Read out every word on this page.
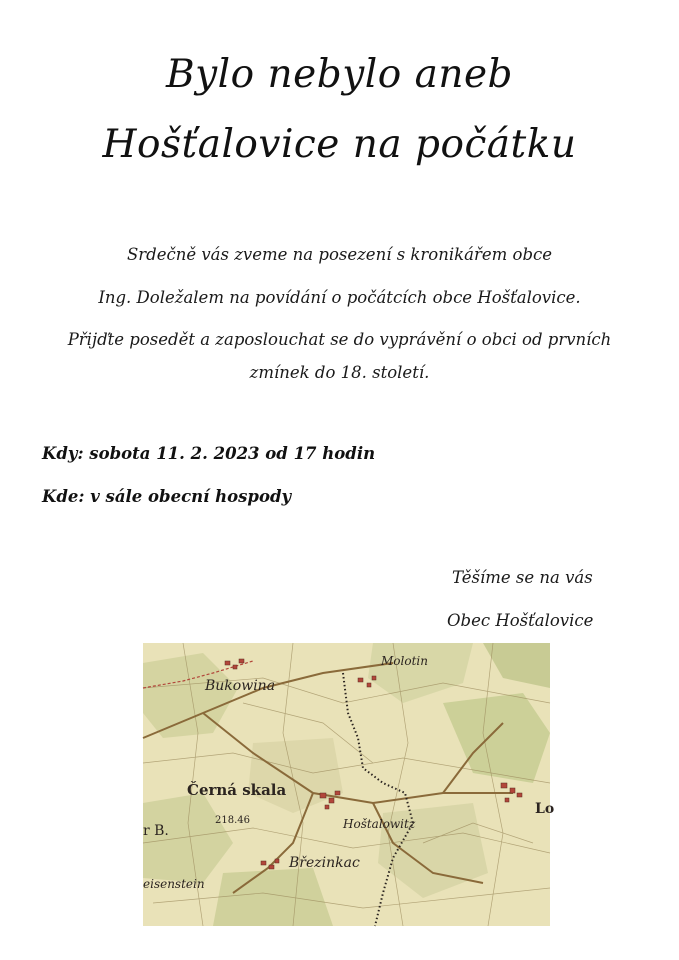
Bylo nebylo aneb
Hošťalovice na počátku
Srdečně vás zveme na posezení s kronikářem obce
Ing. Doležalem na povídání o počátcích obce Hošťalovice.
Přijďte posedět a zaposlouchat se do vyprávění o obci od prvních
zmínek do 18. století.
Kdy: sobota 11. 2. 2023 od 17 hodin
Kde: v sále obecní hospody
Těšíme se na vás
Obec Hošťalovice
Molotin
Bukowina
Černá skala
218.46	Hoštalowitz
Březinkac
eisenstein
r B.
Lo
